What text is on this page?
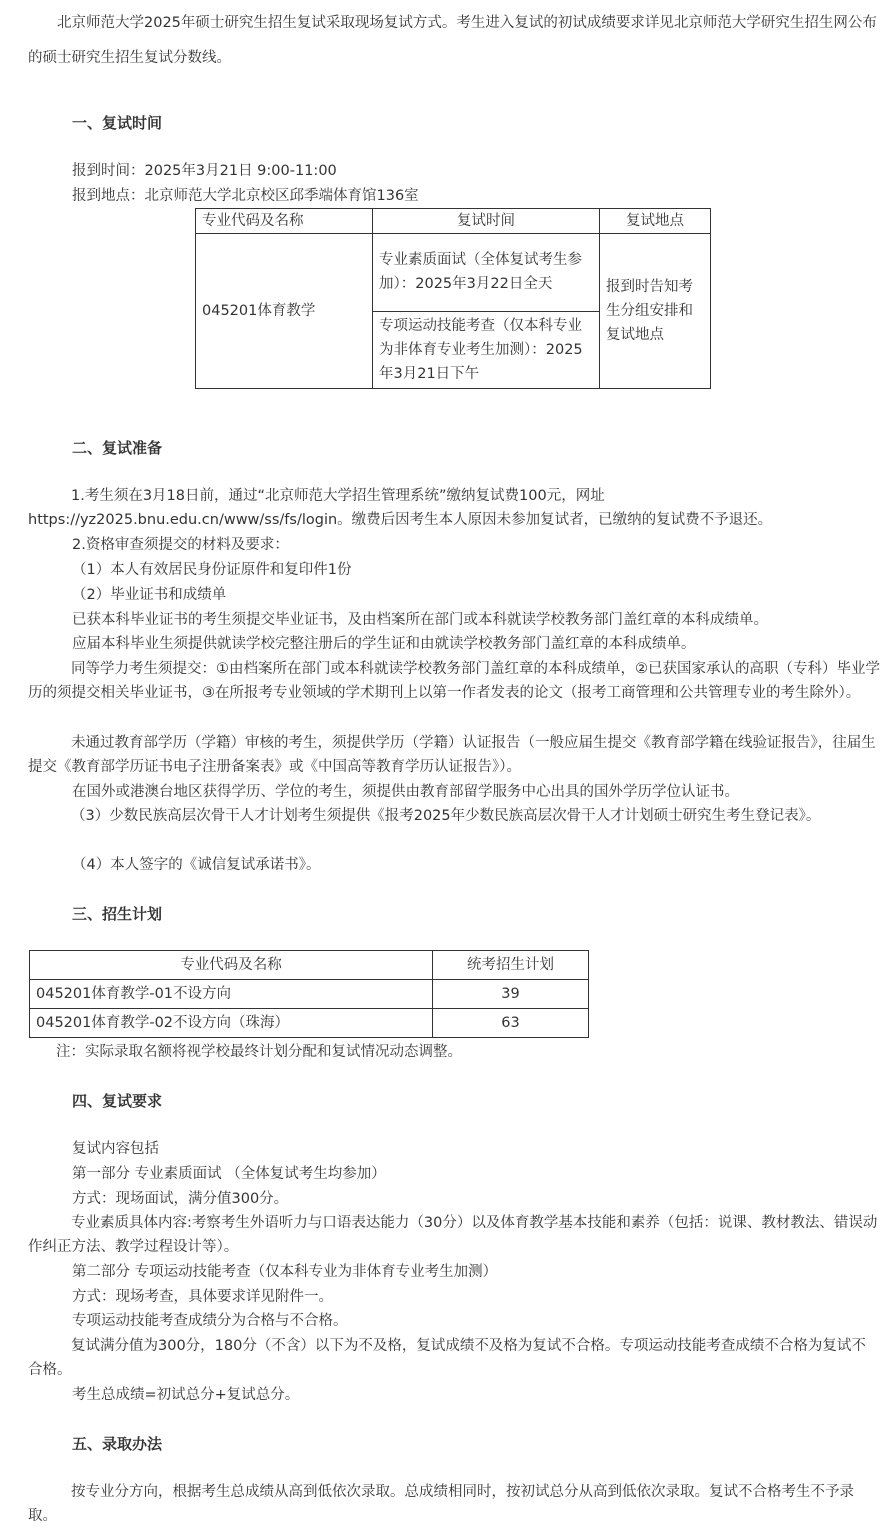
北京师范大学2025年硕士研究生招生复试采取现场复试方式。考生进入复试的初试成绩要求详见北京师范大学研究生招生网公布的硕士研究生招生复试分数线。

一、复试时间
报到时间：2025年3月21日 9:00-11:00
报到地点：北京师范大学北京校区邱季端体育馆136室
专业代码及名称	复试时间	复试地点
045201体育教学	专业素质面试（全体复试考生参加）：2025年3月22日全天	报到时告知考生分组安排和复试地点
	专项运动技能考查（仅本科专业为非体育专业考生加测）：2025年3月21日下午	
二、复试准备
1.考生须在3月18日前，通过“北京师范大学招生管理系统”缴纳复试费100元，网址https://yz2025.bnu.edu.cn/www/ss/fs/login。缴费后因考生本人原因未参加复试者，已缴纳的复试费不予退还。
2.资格审查须提交的材料及要求：
（1）本人有效居民身份证原件和复印件1份
（2）毕业证书和成绩单
已获本科毕业证书的考生须提交毕业证书，及由档案所在部门或本科就读学校教务部门盖红章的本科成绩单。
应届本科毕业生须提供就读学校完整注册后的学生证和由就读学校教务部门盖红章的本科成绩单。
同等学力考生须提交：①由档案所在部门或本科就读学校教务部门盖红章的本科成绩单，②已获国家承认的高职（专科）毕业学历的须提交相关毕业证书，③在所报考专业领域的学术期刊上以第一作者发表的论文（报考工商管理和公共管理专业的考生除外）。
未通过教育部学历（学籍）审核的考生，须提供学历（学籍）认证报告（一般应届生提交《教育部学籍在线验证报告》，往届生提交《教育部学历证书电子注册备案表》或《中国高等教育学历认证报告》）。
在国外或港澳台地区获得学历、学位的考生，须提供由教育部留学服务中心出具的国外学历学位认证书。
（3）少数民族高层次骨干人才计划考生须提供《报考2025年少数民族高层次骨干人才计划硕士研究生考生登记表》。
（4）本人签字的《诚信复试承诺书》。
三、招生计划
专业代码及名称	统考招生计划
045201体育教学-01不设方向	39
045201体育教学-02不设方向（珠海）	63
注：实际录取名额将视学校最终计划分配和复试情况动态调整。
四、复试要求
复试内容包括
第一部分 专业素质面试 （全体复试考生均参加）
方式：现场面试，满分值300分。
专业素质具体内容:考察考生外语听力与口语表达能力（30分）以及体育教学基本技能和素养（包括：说课、教材教法、错误动作纠正方法、教学过程设计等）。
第二部分 专项运动技能考查（仅本科专业为非体育专业考生加测）
方式：现场考查，具体要求详见附件一。
专项运动技能考查成绩分为合格与不合格。
复试满分值为300分，180分（不含）以下为不及格，复试成绩不及格为复试不合格。专项运动技能考查成绩不合格为复试不合格。
考生总成绩=初试总分+复试总分。
五、录取办法
按专业分方向，根据考生总成绩从高到低依次录取。总成绩相同时，按初试总分从高到低依次录取。复试不合格考生不予录取。
